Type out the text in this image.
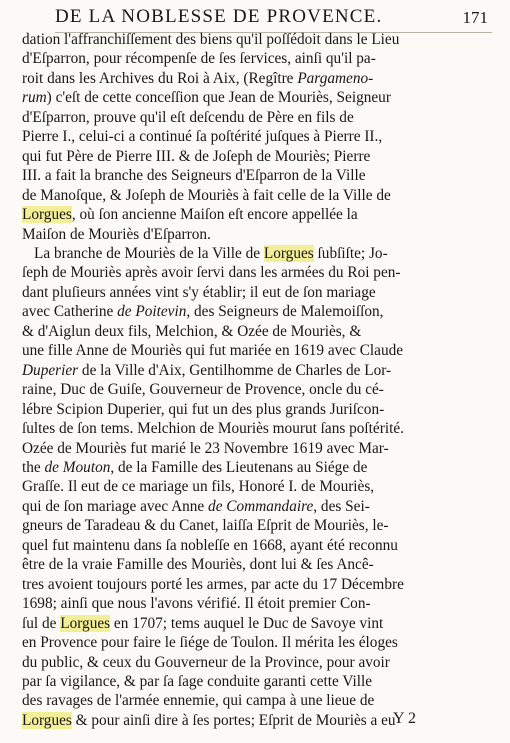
DE LA NOBLESSE DE PROVENCE.	171
dation l'affranchiſſement des biens qu'il poſſédoit dans le Lieu
d'Eſparron, pour récompenſe de ſes ſervices, ainſi qu'il pa-
roit dans les Archives du Roi à Aix, (Regître Pargameno-
rum) c'eſt de cette conceſſion que Jean de Mouriès, Seigneur
d'Eſparron, prouve qu'il eſt deſcendu de Père en fils de
Pierre I., celui-ci a continué ſa poſtérité juſques à Pierre II.,
qui fut Père de Pierre III. & de Joſeph de Mouriès; Pierre
III. a fait la branche des Seigneurs d'Eſparron de la Ville
de Manoſque, & Joſeph de Mouriès à fait celle de la Ville de
Lorgues, où ſon ancienne Maiſon eſt encore appellée la
Maiſon de Mouriès d'Eſparron.
La branche de Mouriès de la Ville de Lorgues ſubſiſte; Jo-
ſeph de Mouriès après avoir ſervi dans les armées du Roi pen-
dant pluſieurs années vint s'y établir; il eut de ſon mariage
avec Catherine de Poitevin, des Seigneurs de Malemoiſſon,
& d'Aiglun deux fils, Melchion, & Ozée de Mouriès, &
une fille Anne de Mouriès qui fut mariée en 1619 avec Claude
Duperier de la Ville d'Aix, Gentilhomme de Charles de Lor-
raine, Duc de Guiſe, Gouverneur de Provence, oncle du cé-
lébre Scipion Duperier, qui fut un des plus grands Juriſcon-
ſultes de ſon tems. Melchion de Mouriès mourut ſans poſtérité.
Ozée de Mouriès fut marié le 23 Novembre 1619 avec Mar-
the de Mouton, de la Famille des Lieutenans au Siége de
Graſſe. Il eut de ce mariage un fils, Honoré I. de Mouriès,
qui de ſon mariage avec Anne de Commandaire, des Sei-
gneurs de Taradeau & du Canet, laiſſa Eſprit de Mouriès, le-
quel fut maintenu dans ſa nobleſſe en 1668, ayant été reconnu
être de la vraie Famille des Mouriès, dont lui & ſes Ancê-
tres avoient toujours porté les armes, par acte du 17 Décembre
1698; ainſi que nous l'avons vérifié. Il étoit premier Con-
ſul de Lorgues en 1707; tems auquel le Duc de Savoye vint
en Provence pour faire le ſiége de Toulon. Il mérita les éloges
du public, & ceux du Gouverneur de la Province, pour avoir
par ſa vigilance, & par ſa ſage conduite garanti cette Ville
des ravages de l'armée ennemie, qui campa à une lieue de
Lorgues & pour ainſi dire à ſes portes; Eſprit de Mouriès a eu
Y 2
